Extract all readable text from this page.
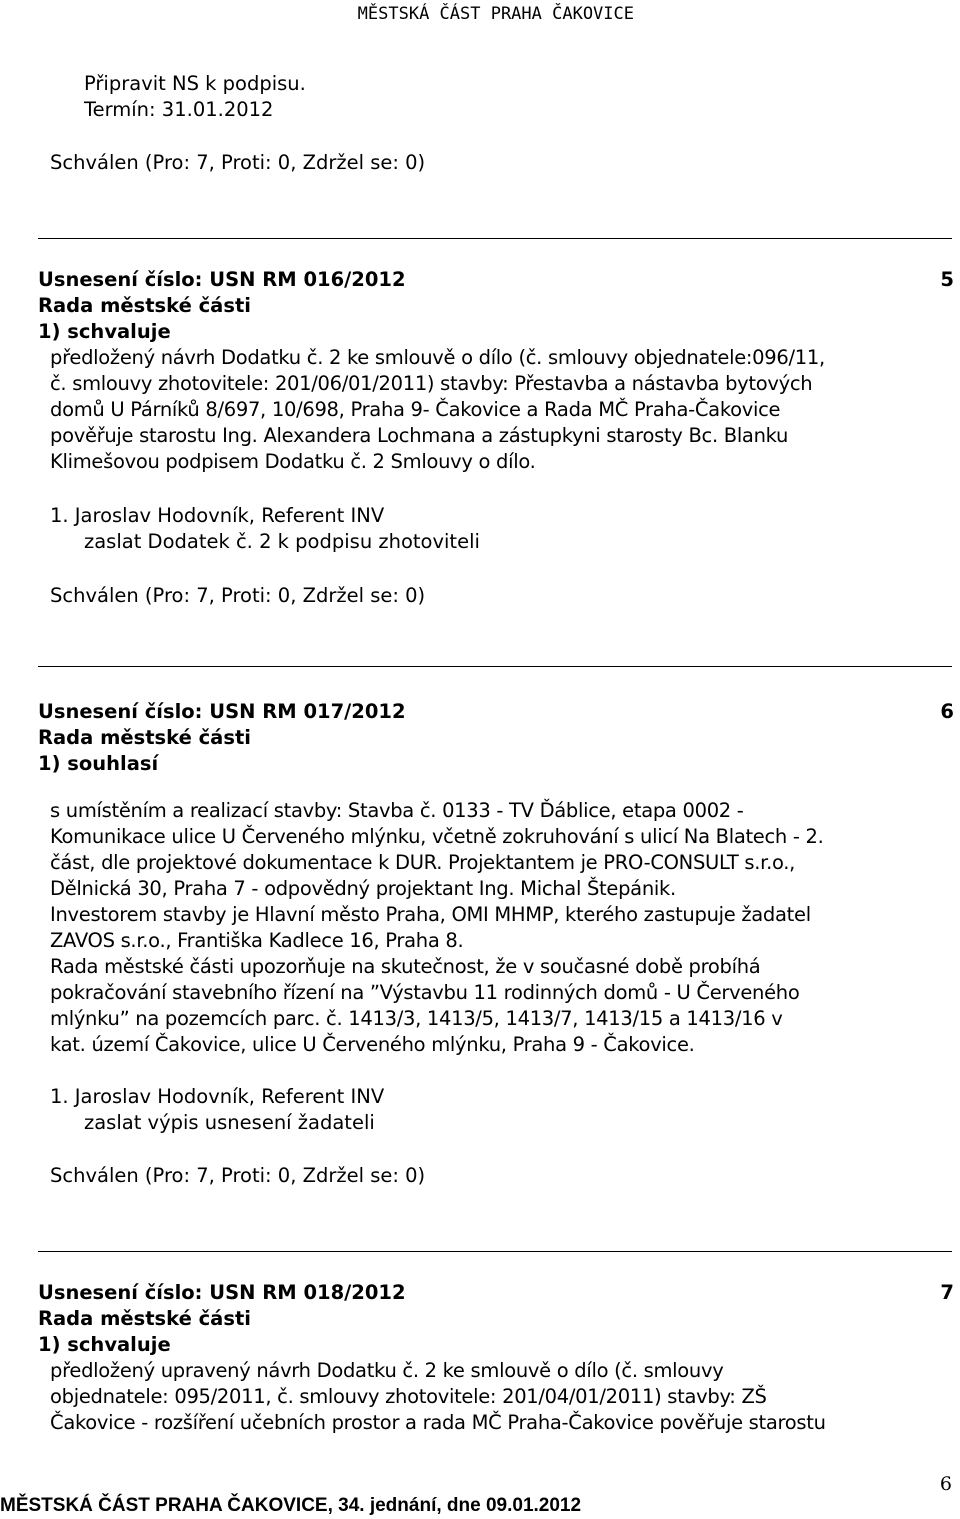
MĚSTSKÁ ČÁST PRAHA ČAKOVICE
Připravit NS k podpisu.
Termín: 31.01.2012
Schválen (Pro: 7, Proti: 0, Zdržel se: 0)
Usnesení číslo: USN RM 016/2012	5
Rada městské části
1) schvaluje
předložený návrh Dodatku č. 2 ke smlouvě o dílo (č. smlouvy objednatele:096/11,
č. smlouvy zhotovitele: 201/06/01/2011) stavby: Přestavba a nástavba bytových
domů U Párníků 8/697, 10/698, Praha 9- Čakovice a Rada MČ Praha-Čakovice
pověřuje starostu Ing. Alexandera Lochmana a zástupkyni starosty Bc. Blanku
Klimešovou podpisem Dodatku č. 2 Smlouvy o dílo.
1. Jaroslav Hodovník, Referent INV
zaslat Dodatek č. 2 k podpisu zhotoviteli
Schválen (Pro: 7, Proti: 0, Zdržel se: 0)
Usnesení číslo: USN RM 017/2012	6
Rada městské části
1) souhlasí
s umístěním a realizací stavby: Stavba č. 0133 - TV Ďáblice, etapa 0002 -
Komunikace ulice U Červeného mlýnku, včetně zokruhování s ulicí Na Blatech - 2.
část, dle projektové dokumentace k DUR. Projektantem je PRO-CONSULT s.r.o.,
Dělnická 30, Praha 7 - odpovědný projektant Ing. Michal Štepánik.
Investorem stavby je Hlavní město Praha, OMI MHMP, kterého zastupuje žadatel
ZAVOS s.r.o., Františka Kadlece 16, Praha 8.
Rada městské části upozorňuje na skutečnost, že v současné době probíhá
pokračování stavebního řízení na ˮVýstavbu 11 rodinných domů - U Červeného
mlýnkuˮ na pozemcích parc. č. 1413/3, 1413/5, 1413/7, 1413/15 a 1413/16 v
kat. území Čakovice, ulice U Červeného mlýnku, Praha 9 - Čakovice.
1. Jaroslav Hodovník, Referent INV
zaslat výpis usnesení žadateli
Schválen (Pro: 7, Proti: 0, Zdržel se: 0)
Usnesení číslo: USN RM 018/2012	7
Rada městské části
1) schvaluje
předložený upravený návrh Dodatku č. 2 ke smlouvě o dílo (č. smlouvy
objednatele: 095/2011, č. smlouvy zhotovitele: 201/04/01/2011) stavby: ZŠ
Čakovice - rozšíření učebních prostor a rada MČ Praha-Čakovice pověřuje starostu
6
MĚSTSKÁ ČÁST PRAHA ČAKOVICE, 34. jednání, dne 09.01.2012
